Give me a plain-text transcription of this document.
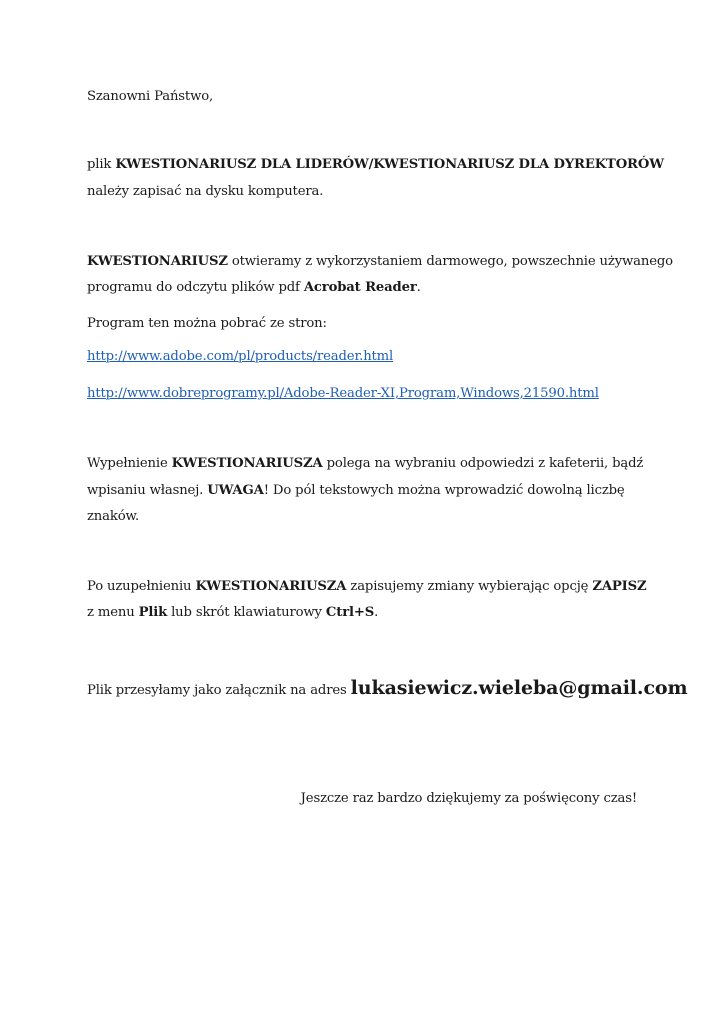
Szanowni Państwo,
plik KWESTIONARIUSZ DLA LIDERÓW/KWESTIONARIUSZ DLA DYREKTORÓW
należy zapisać na dysku komputera.
KWESTIONARIUSZ otwieramy z wykorzystaniem darmowego, powszechnie używanego
programu do odczytu plików pdf Acrobat Reader.
Program ten można pobrać ze stron:
http://www.adobe.com/pl/products/reader.html
http://www.dobreprogramy.pl/Adobe-Reader-XI,Program,Windows,21590.html
Wypełnienie KWESTIONARIUSZA polega na wybraniu odpowiedzi z kafeterii, bądź
wpisaniu własnej. UWAGA! Do pól tekstowych można wprowadzić dowolną liczbę
znaków.
Po uzupełnieniu KWESTIONARIUSZA zapisujemy zmiany wybierając opcję ZAPISZ
z menu Plik lub skrót klawiaturowy Ctrl+S.
Plik przesyłamy jako załącznik na adres lukasiewicz.wieleba@gmail.com
Jeszcze raz bardzo dziękujemy za poświęcony czas!
